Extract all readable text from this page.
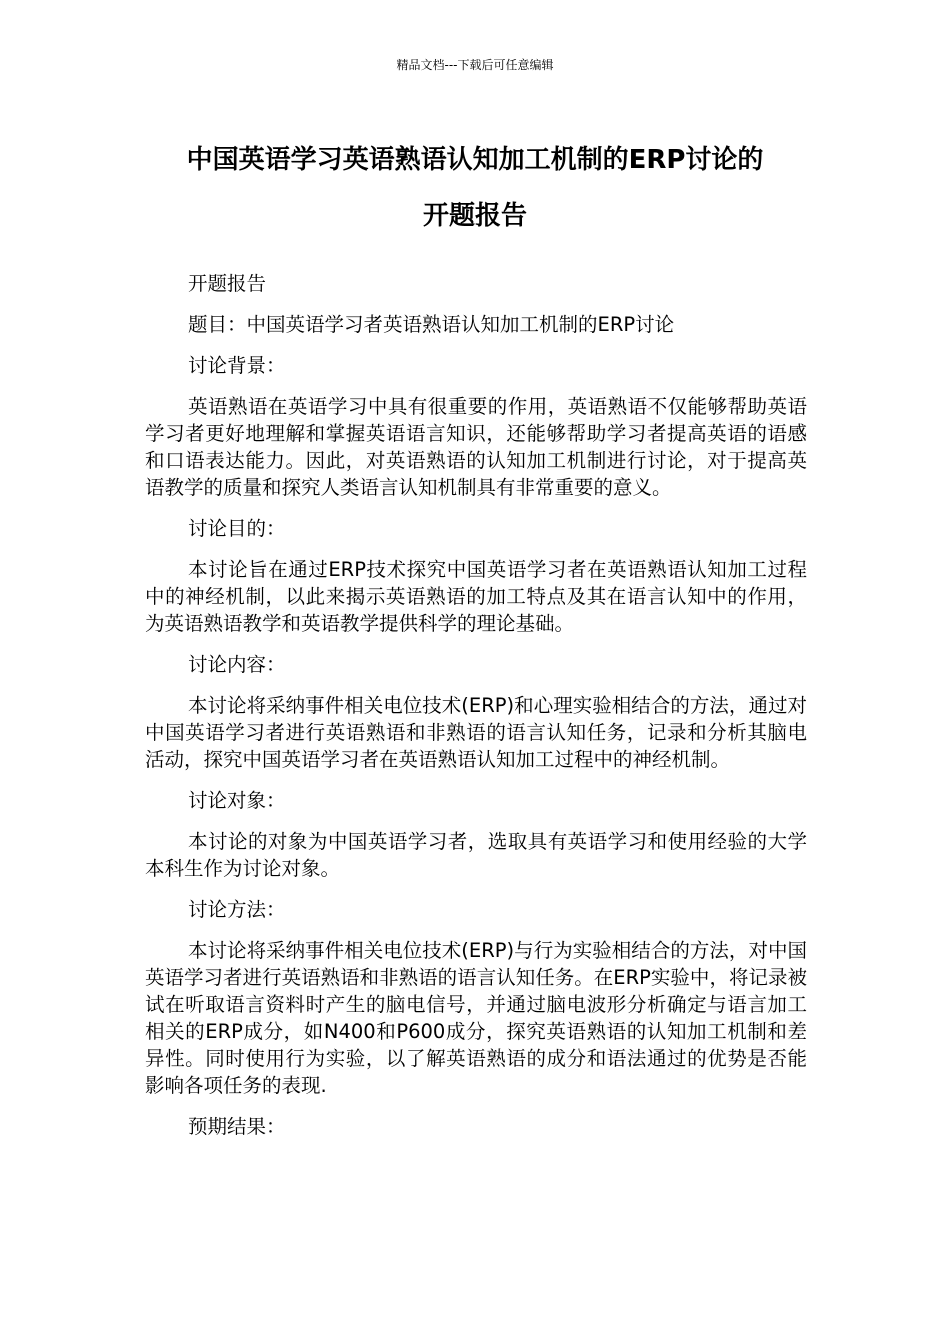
精品文档---下载后可任意编辑
中国英语学习英语熟语认知加工机制的ERP讨论的
开题报告

开题报告

题目：中国英语学习者英语熟语认知加工机制的ERP讨论

讨论背景：

英语熟语在英语学习中具有很重要的作用，英语熟语不仅能够帮助英语学习者更好地理解和掌握英语语言知识，还能够帮助学习者提高英语的语感和口语表达能力。因此，对英语熟语的认知加工机制进行讨论，对于提高英语教学的质量和探究人类语言认知机制具有非常重要的意义。

讨论目的：

本讨论旨在通过ERP技术探究中国英语学习者在英语熟语认知加工过程中的神经机制，以此来揭示英语熟语的加工特点及其在语言认知中的作用，为英语熟语教学和英语教学提供科学的理论基础。

讨论内容：

本讨论将采纳事件相关电位技术(ERP)和心理实验相结合的方法，通过对中国英语学习者进行英语熟语和非熟语的语言认知任务，记录和分析其脑电活动，探究中国英语学习者在英语熟语认知加工过程中的神经机制。

讨论对象：

本讨论的对象为中国英语学习者，选取具有英语学习和使用经验的大学本科生作为讨论对象。

讨论方法：

本讨论将采纳事件相关电位技术(ERP)与行为实验相结合的方法，对中国英语学习者进行英语熟语和非熟语的语言认知任务。在ERP实验中，将记录被试在听取语言资料时产生的脑电信号，并通过脑电波形分析确定与语言加工相关的ERP成分，如N400和P600成分，探究英语熟语的认知加工机制和差异性。同时使用行为实验，以了解英语熟语的成分和语法通过的优势是否能影响各项任务的表现.

预期结果：
